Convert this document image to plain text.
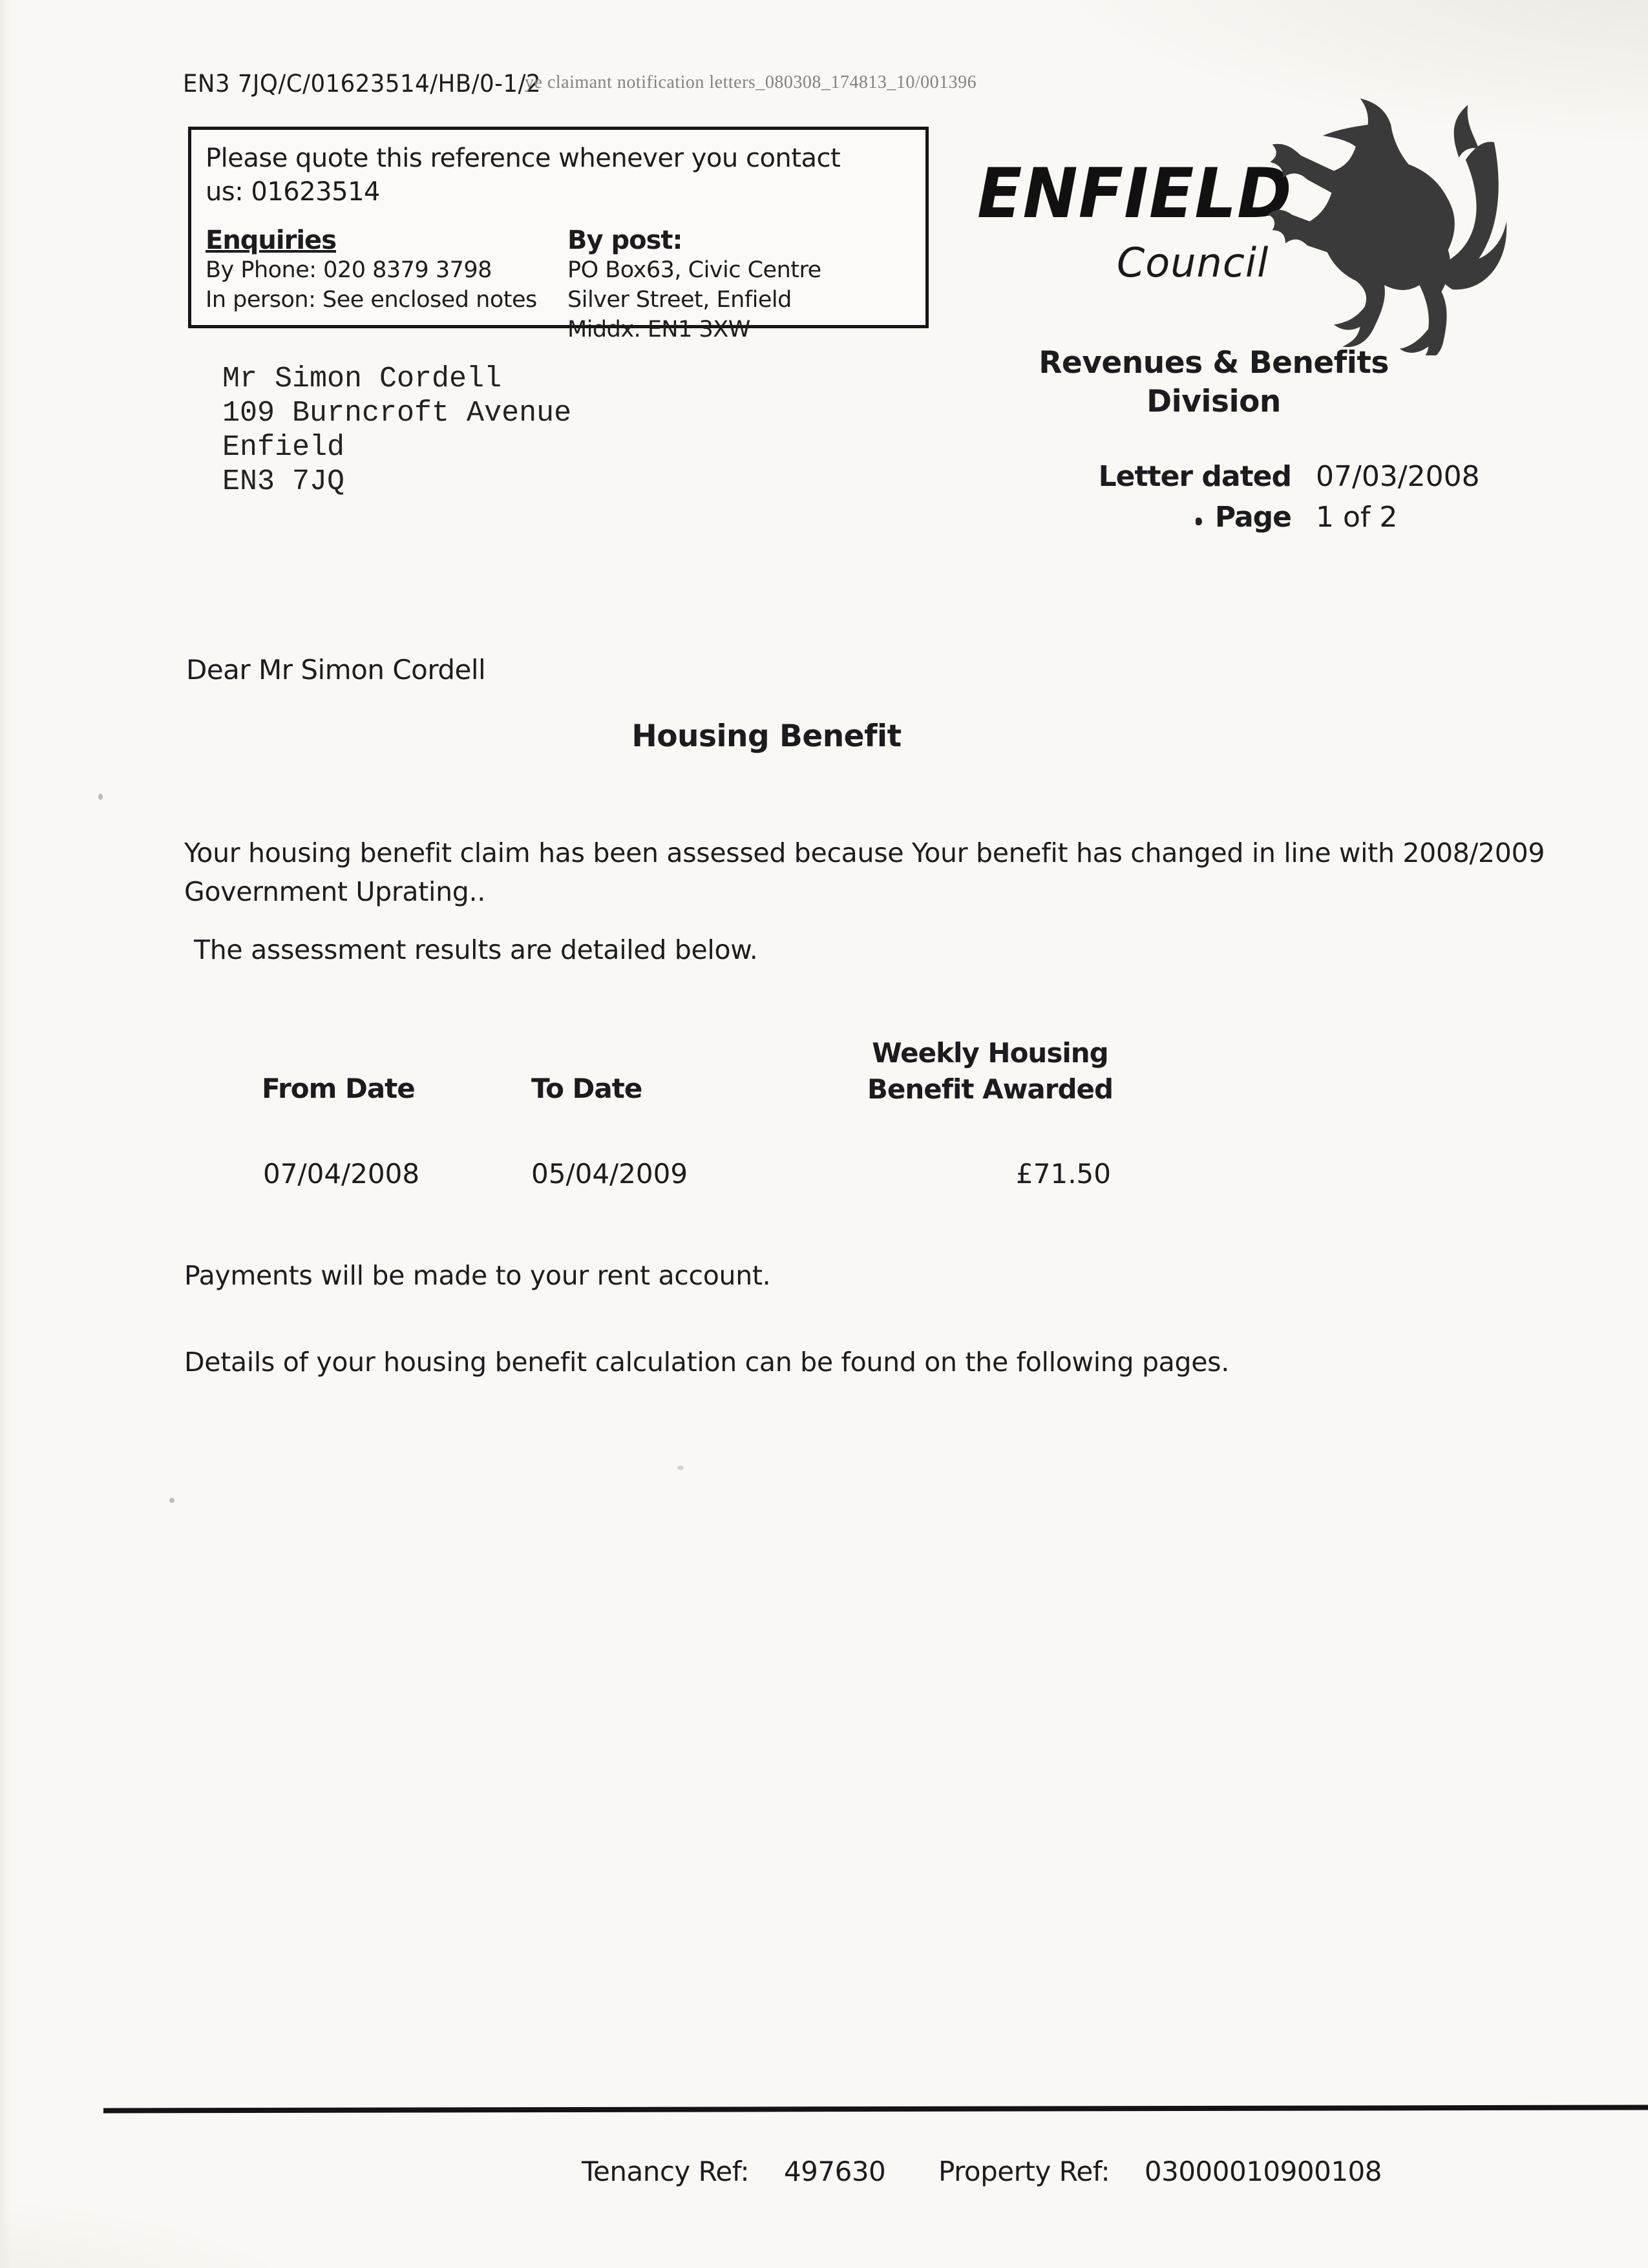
EN3 7JQ/C/01623514/HB/0-1/2
ye claimant notification letters_080308_174813_10/001396
Please quote this reference whenever you contact us: 01623514
Enquiries
By Phone: 020 8379 3798
In person: See enclosed notes
By post:
PO Box63, Civic Centre
Silver Street, Enfield
Middx. EN1 3XW
ENFIELD
Council
Revenues & Benefits
Division
Letter dated 07/03/2008
Page 1 of 2
Mr Simon Cordell
109 Burncroft Avenue
Enfield
EN3 7JQ
Dear Mr Simon Cordell
Housing Benefit
Your housing benefit claim has been assessed because Your benefit has changed in line with 2008/2009 Government Uprating..
The assessment results are detailed below.
From Date	To Date
Weekly Housing
Benefit Awarded
07/04/2008	05/04/2009	£71.50
Payments will be made to your rent account.
Details of your housing benefit calculation can be found on the following pages.
Tenancy Ref: 497630 Property Ref: 03000010900108
